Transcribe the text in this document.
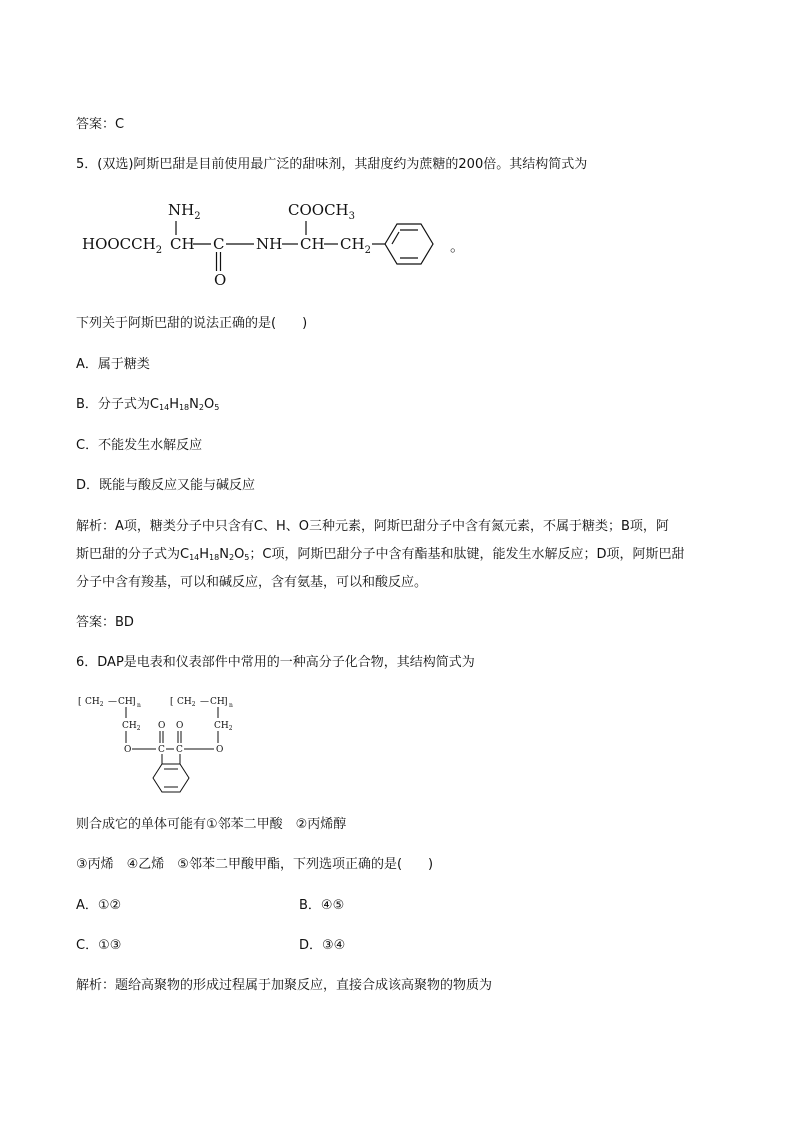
答案：C
5．(双选)阿斯巴甜是目前使用最广泛的甜味剂，其甜度约为蔗糖的200倍。其结构简式为
$NH_2$	$COOCH_3$
$HOOCCH_2$ CH C NH CH $CH_2$
O
。
下列关于阿斯巴甜的说法正确的是(　　)
A．属于糖类
B．分子式为$C_{14}H_{18}N_2O_5$
C．不能发生水解反应
D．既能与酸反应又能与碱反应
解析：A项，糖类分子中只含有C、H、O三种元素，阿斯巴甜分子中含有氮元素，不属于糖类；B项，阿
斯巴甜的分子式为$C_{14}H_{18}N_2O_5$；C项，阿斯巴甜分子中含有酯基和肽键，能发生水解反应；D项，阿斯巴甜
分子中含有羧基，可以和碱反应，含有氨基，可以和酸反应。
答案：BD
6．DAP是电表和仪表部件中常用的一种高分子化合物，其结构简式为
[ $CH_2$ — CH ] n
$CH_2$
O
[ $CH_2$ — CH ] n
$CH_2$
O
O O
C C
则合成它的单体可能有①邻苯二甲酸　②丙烯醇
③丙烯　④乙烯　⑤邻苯二甲酸甲酯，下列选项正确的是(　　)
A．①②	B．④⑤
C．①③	D．③④
解析：题给高聚物的形成过程属于加聚反应，直接合成该高聚物的物质为
